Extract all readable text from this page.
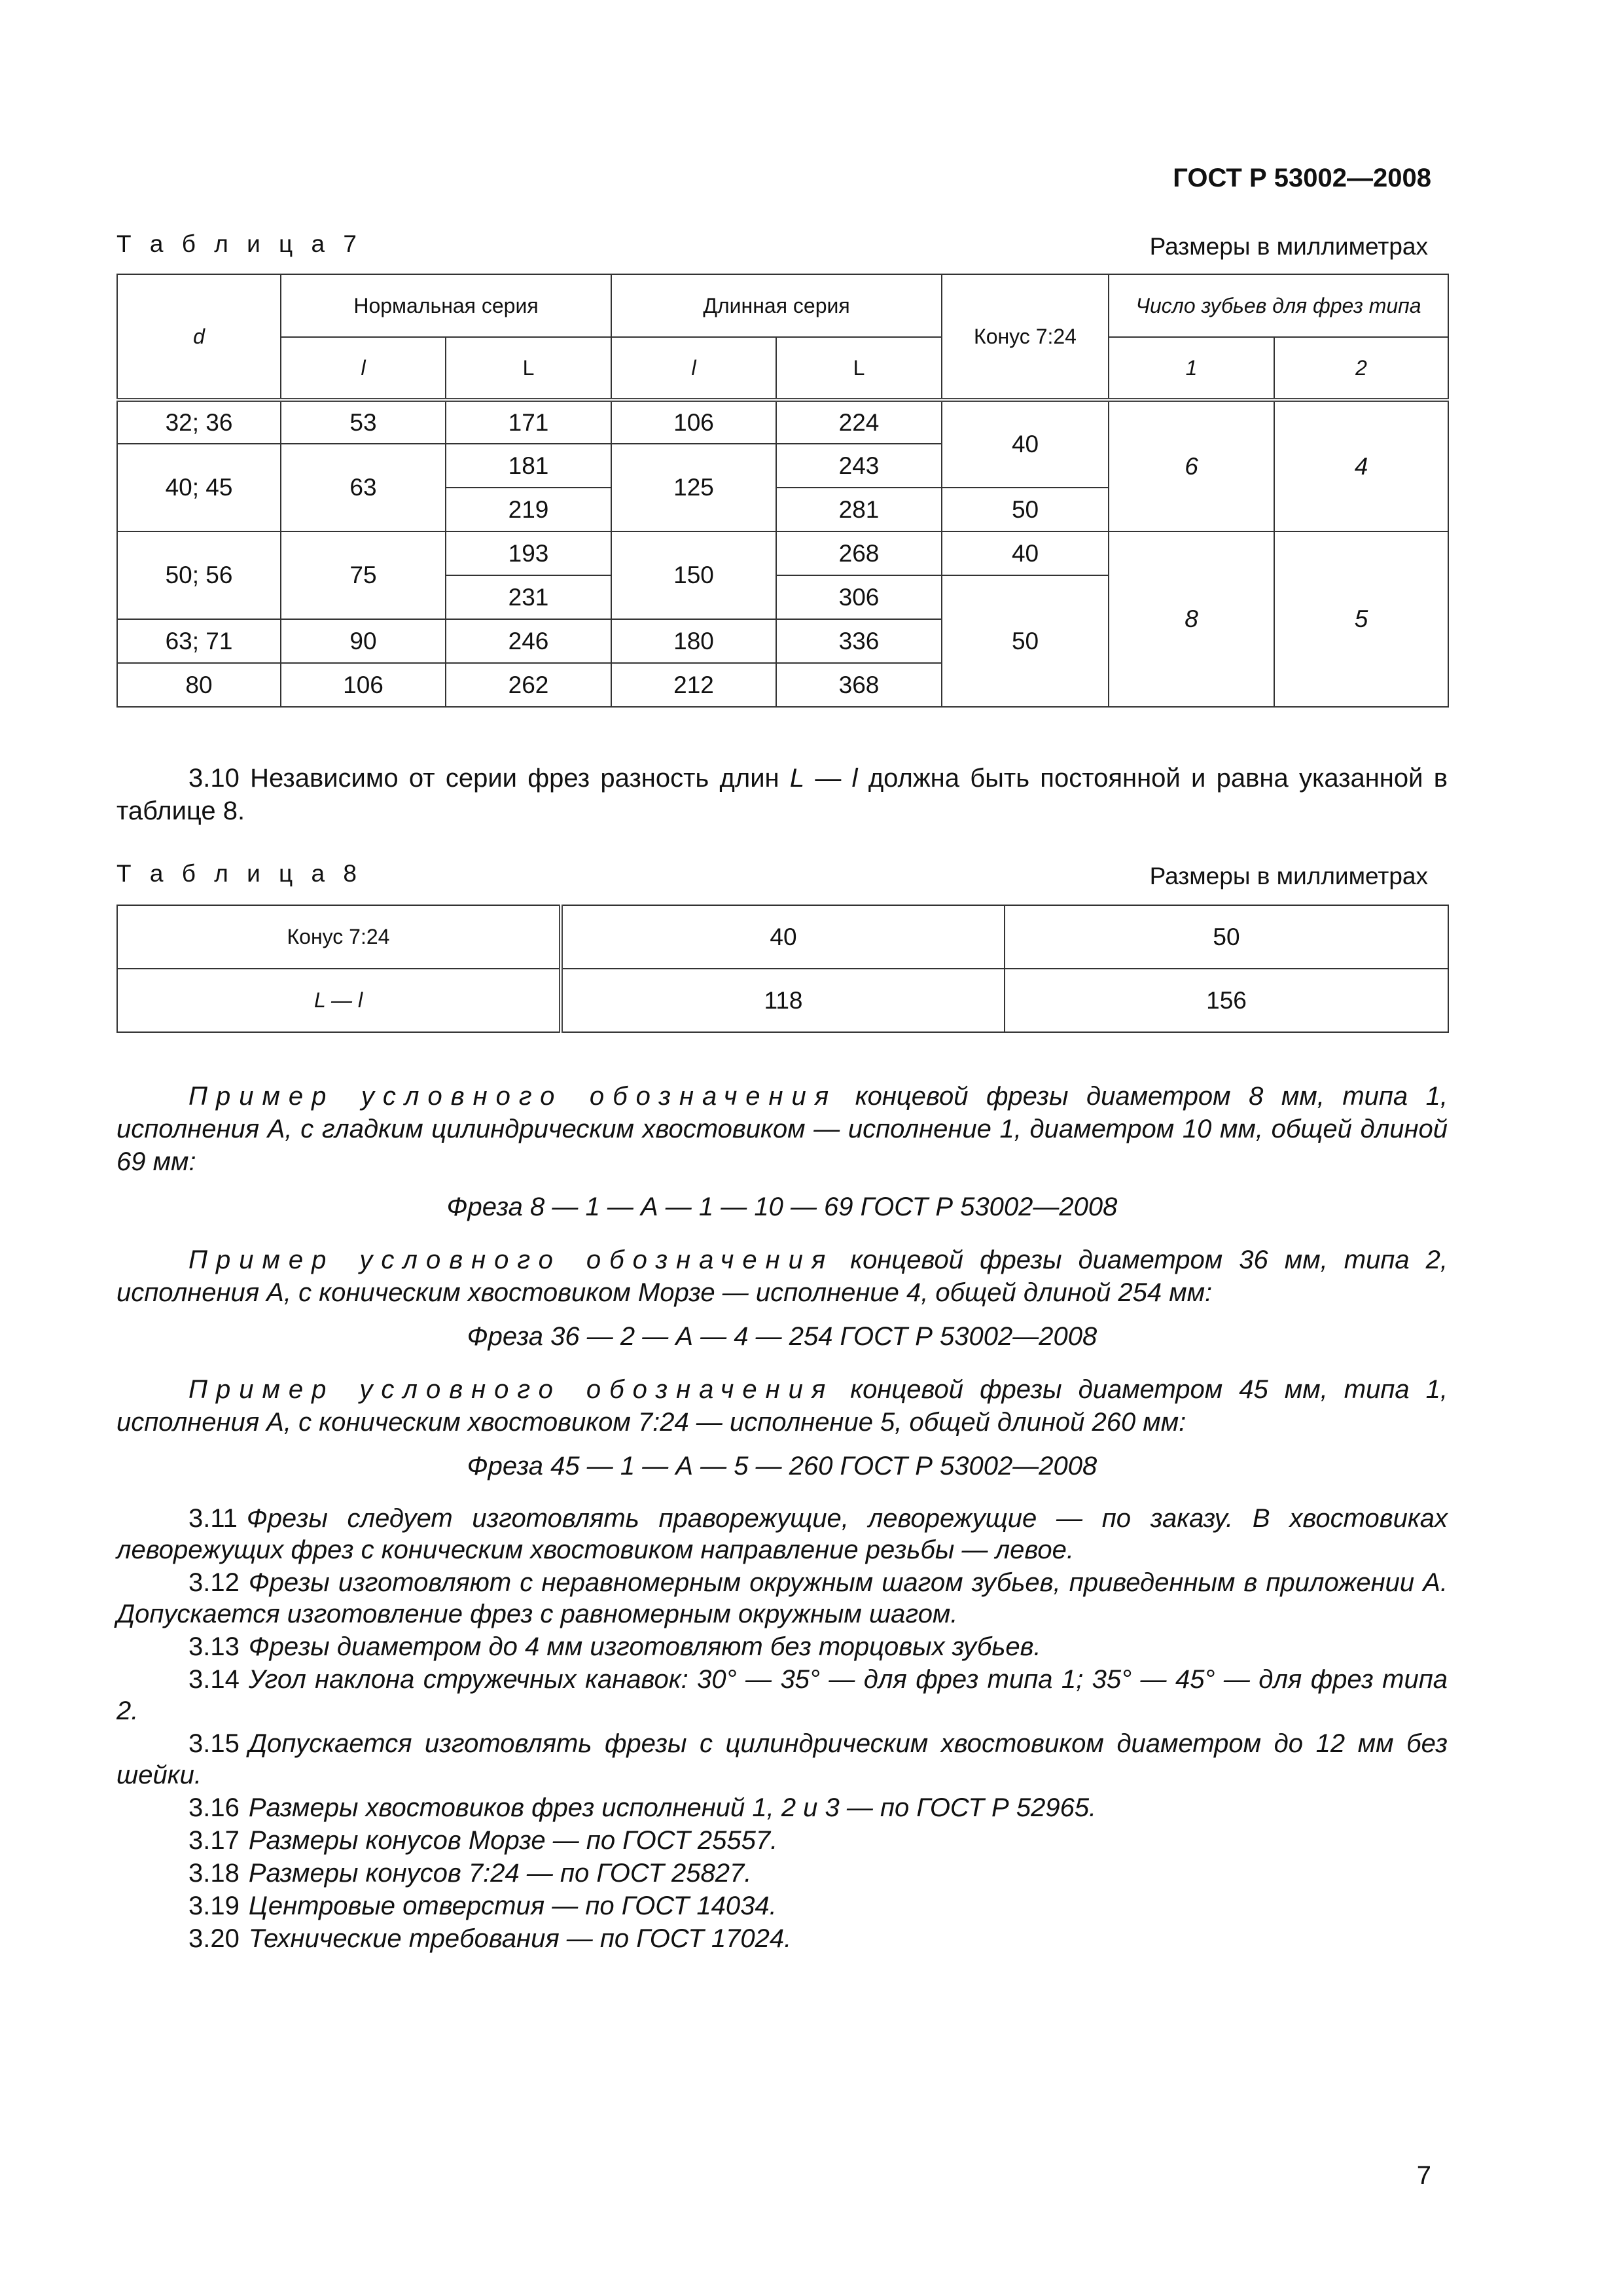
ГОСТ Р 53002—2008
Т а б л и ц а 7	Размеры в миллиметрах
d	Нормальная серия		Длинная серия		Конус 7:24	Число зубьев для фрез типа	
	l	L	l	L		1	2
32; 36	53	171	106	224	40	6	4
40; 45	63	181	125	243			
		219		281	50		
50; 56	75	193	150	268	40	8	5
		231		306	50		
63; 71	90	246	180	336			
80	106	262	212	368			

3.10 Независимо от серии фрез разность длин L — l должна быть постоянной и равна указанной в таблице 8.

Т а б л и ц а 8	Размеры в миллиметрах
Конус 7:24	40	50
L — l	118	156

Пример условного обозначения концевой фрезы диаметром 8 мм, типа 1, исполнения А, с гладким цилиндрическим хвостовиком — исполнение 1, диаметром 10 мм, общей длиной 69 мм:

Фреза 8 — 1 — А — 1 — 10 — 69 ГОСТ Р 53002—2008

Пример условного обозначения концевой фрезы диаметром 36 мм, типа 2, исполнения А, с коническим хвостовиком Морзе — исполнение 4, общей длиной 254 мм:

Фреза 36 — 2 — А — 4 — 254 ГОСТ Р 53002—2008

Пример условного обозначения концевой фрезы диаметром 45 мм, типа 1, исполнения А, с коническим хвостовиком 7:24 — исполнение 5, общей длиной 260 мм:

Фреза 45 — 1 — А — 5 — 260 ГОСТ Р 53002—2008

3.11 Фрезы следует изготовлять праворежущие, леворежущие — по заказу. В хвостовиках леворежущих фрез с коническим хвостовиком направление резьбы — левое.

3.12 Фрезы изготовляют с неравномерным окружным шагом зубьев, приведенным в приложении А. Допускается изготовление фрез с равномерным окружным шагом.

3.13 Фрезы диаметром до 4 мм изготовляют без торцовых зубьев.

3.14 Угол наклона стружечных канавок: 30° — 35° — для фрез типа 1; 35° — 45° — для фрез типа 2.

3.15 Допускается изготовлять фрезы с цилиндрическим хвостовиком диаметром до 12 мм без шейки.

3.16 Размеры хвостовиков фрез исполнений 1, 2 и 3 — по ГОСТ Р 52965.

3.17 Размеры конусов Морзе — по ГОСТ 25557.

3.18 Размеры конусов 7:24 — по ГОСТ 25827.

3.19 Центровые отверстия — по ГОСТ 14034.

3.20 Технические требования — по ГОСТ 17024.

7
